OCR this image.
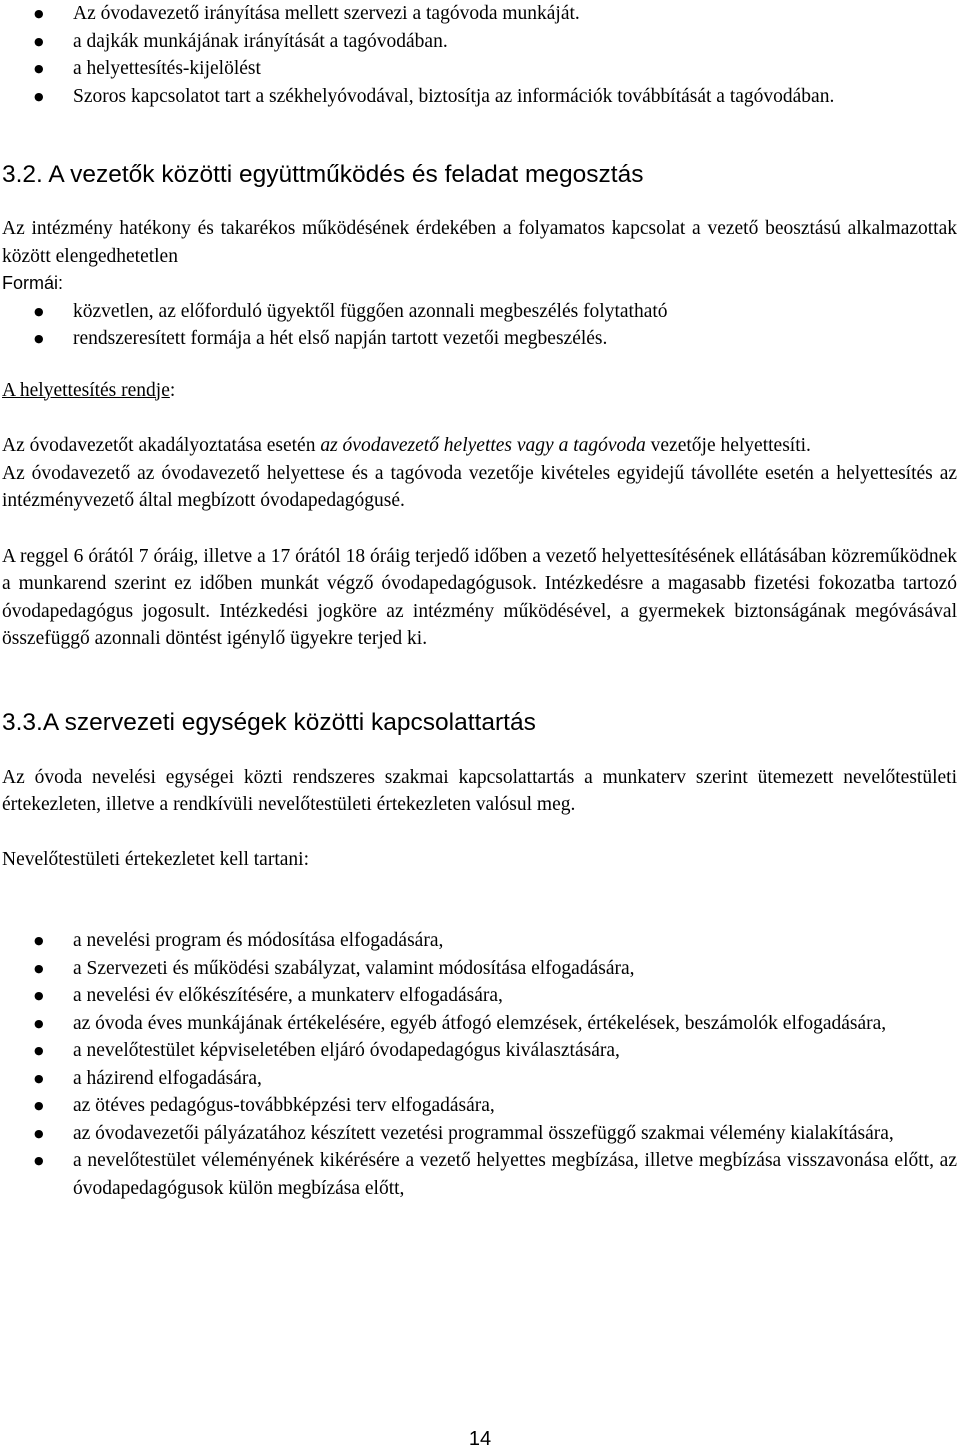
● Az óvodavezető irányítása mellett szervezi a tagóvoda munkáját.
● a dajkák munkájának irányítását a tagóvodában.
● a helyettesítés-kijelölést
● Szoros kapcsolatot tart a székhelyóvodával, biztosítja az információk továbbítását a tagóvodában.
3.2. A vezetők közötti együttműködés és feladat megosztás

Az intézmény hatékony és takarékos működésének érdekében a folyamatos kapcsolat a vezető beosztású alkalmazottak között elengedhetetlen

Formái:

● közvetlen, az előforduló ügyektől függően azonnali megbeszélés folytatható
● rendszeresített formája a hét első napján tartott vezetői megbeszélés.

A helyettesítés rendje:

Az óvodavezetőt akadályoztatása esetén az óvodavezető helyettes vagy a tagóvoda vezetője helyettesíti.

Az óvodavezető az óvodavezető helyettese és a tagóvoda vezetője kivételes egyidejű távolléte esetén a helyettesítés az intézményvezető által megbízott óvodapedagógusé.

A reggel 6 órától 7 óráig, illetve a 17 órától 18 óráig terjedő időben a vezető helyettesítésének ellátásában közreműködnek a munkarend szerint ez időben munkát végző óvodapedagógusok. Intézkedésre a magasabb fizetési fokozatba tartozó óvodapedagógus jogosult. Intézkedési jogköre az intézmény működésével, a gyermekek biztonságának megóvásával összefüggő azonnali döntést igénylő ügyekre terjed ki.

3.3.A szervezeti egységek közötti kapcsolattartás

Az óvoda nevelési egységei közti rendszeres szakmai kapcsolattartás a munkaterv szerint ütemezett nevelőtestületi értekezleten, illetve a rendkívüli nevelőtestületi értekezleten valósul meg.

Nevelőtestületi értekezletet kell tartani:

● a nevelési program és módosítása elfogadására,
● a Szervezeti és működési szabályzat, valamint módosítása elfogadására,
● a nevelési év előkészítésére, a munkaterv elfogadására,
● az óvoda éves munkájának értékelésére, egyéb átfogó elemzések, értékelések, beszámolók elfogadására,
● a nevelőtestület képviseletében eljáró óvodapedagógus kiválasztására,
● a házirend elfogadására,
● az ötéves pedagógus-továbbképzési terv elfogadására,
● az óvodavezetői pályázatához készített vezetési programmal összefüggő szakmai vélemény kialakítására,
● a nevelőtestület véleményének kikérésére a vezető helyettes megbízása, illetve megbízása visszavonása előtt, az óvodapedagógusok külön megbízása előtt,
14
